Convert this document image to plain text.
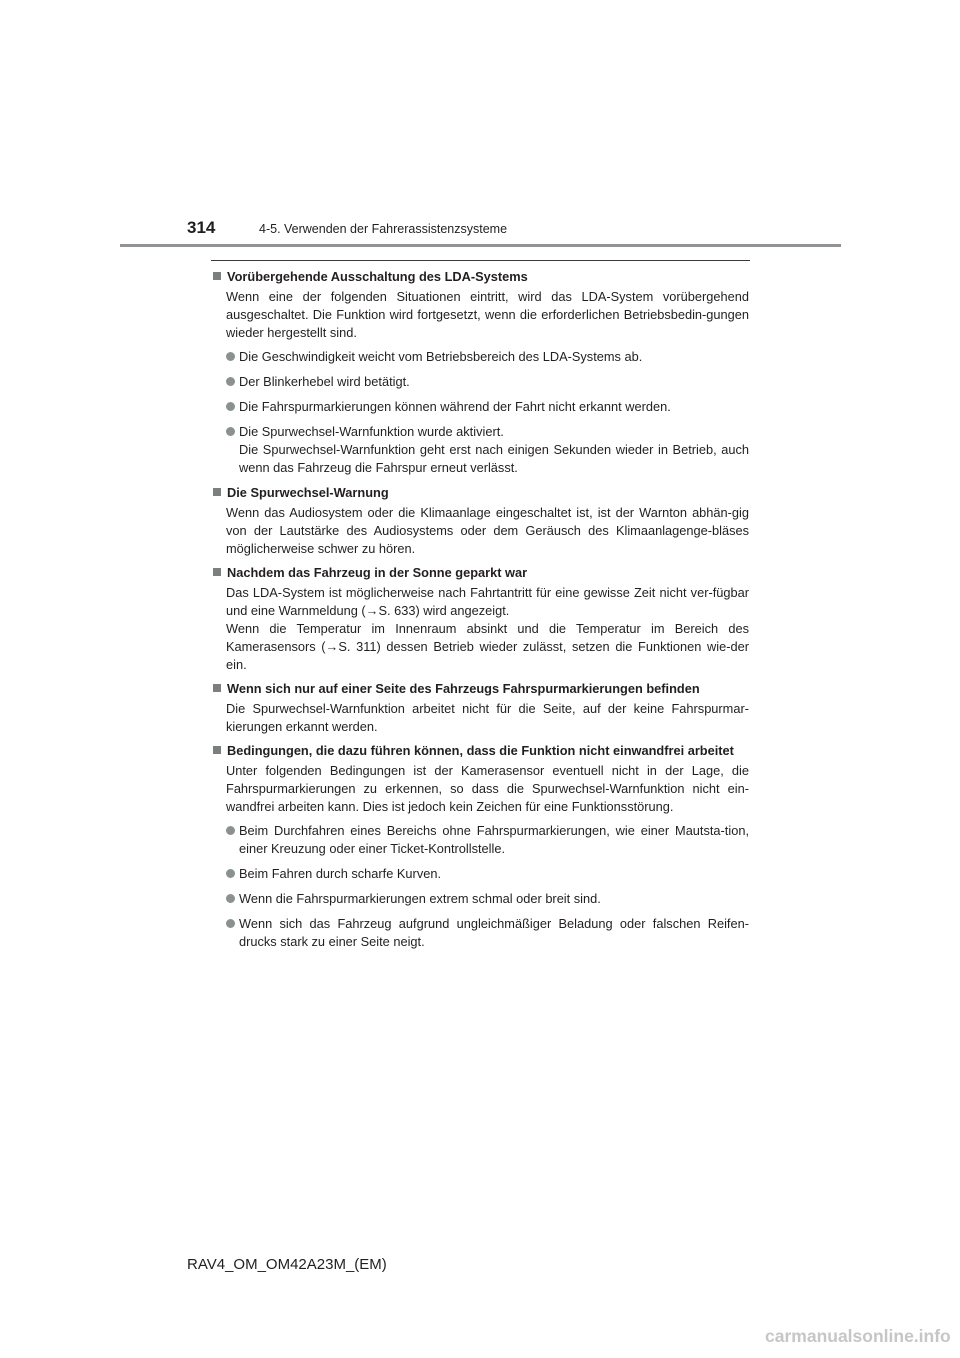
314	4-5. Verwenden der Fahrerassistenzsysteme
Vorübergehende Ausschaltung des LDA-Systems
Wenn eine der folgenden Situationen eintritt, wird das LDA-System vorübergehend ausgeschaltet. Die Funktion wird fortgesetzt, wenn die erforderlichen Betriebsbedin-gungen wieder hergestellt sind.
Die Geschwindigkeit weicht vom Betriebsbereich des LDA-Systems ab.
Der Blinkerhebel wird betätigt.
Die Fahrspurmarkierungen können während der Fahrt nicht erkannt werden.
Die Spurwechsel-Warnfunktion wurde aktiviert.
Die Spurwechsel-Warnfunktion geht erst nach einigen Sekunden wieder in Betrieb, auch wenn das Fahrzeug die Fahrspur erneut verlässt.
Die Spurwechsel-Warnung
Wenn das Audiosystem oder die Klimaanlage eingeschaltet ist, ist der Warnton abhän-gig von der Lautstärke des Audiosystems oder dem Geräusch des Klimaanlagenge-bläses möglicherweise schwer zu hören.
Nachdem das Fahrzeug in der Sonne geparkt war
Das LDA-System ist möglicherweise nach Fahrtantritt für eine gewisse Zeit nicht ver-fügbar und eine Warnmeldung (→S. 633) wird angezeigt.
Wenn die Temperatur im Innenraum absinkt und die Temperatur im Bereich des Kamerasensors (→S. 311) dessen Betrieb wieder zulässt, setzen die Funktionen wie-der ein.
Wenn sich nur auf einer Seite des Fahrzeugs Fahrspurmarkierungen befinden
Die Spurwechsel-Warnfunktion arbeitet nicht für die Seite, auf der keine Fahrspurmar-kierungen erkannt werden.
Bedingungen, die dazu führen können, dass die Funktion nicht einwandfrei arbeitet
Unter folgenden Bedingungen ist der Kamerasensor eventuell nicht in der Lage, die Fahrspurmarkierungen zu erkennen, so dass die Spurwechsel-Warnfunktion nicht ein-wandfrei arbeiten kann. Dies ist jedoch kein Zeichen für eine Funktionsstörung.
Beim Durchfahren eines Bereichs ohne Fahrspurmarkierungen, wie einer Mautsta-tion, einer Kreuzung oder einer Ticket-Kontrollstelle.
Beim Fahren durch scharfe Kurven.
Wenn die Fahrspurmarkierungen extrem schmal oder breit sind.
Wenn sich das Fahrzeug aufgrund ungleichmäßiger Beladung oder falschen Reifen-drucks stark zu einer Seite neigt.
RAV4_OM_OM42A23M_(EM)
carmanualsonline.info
